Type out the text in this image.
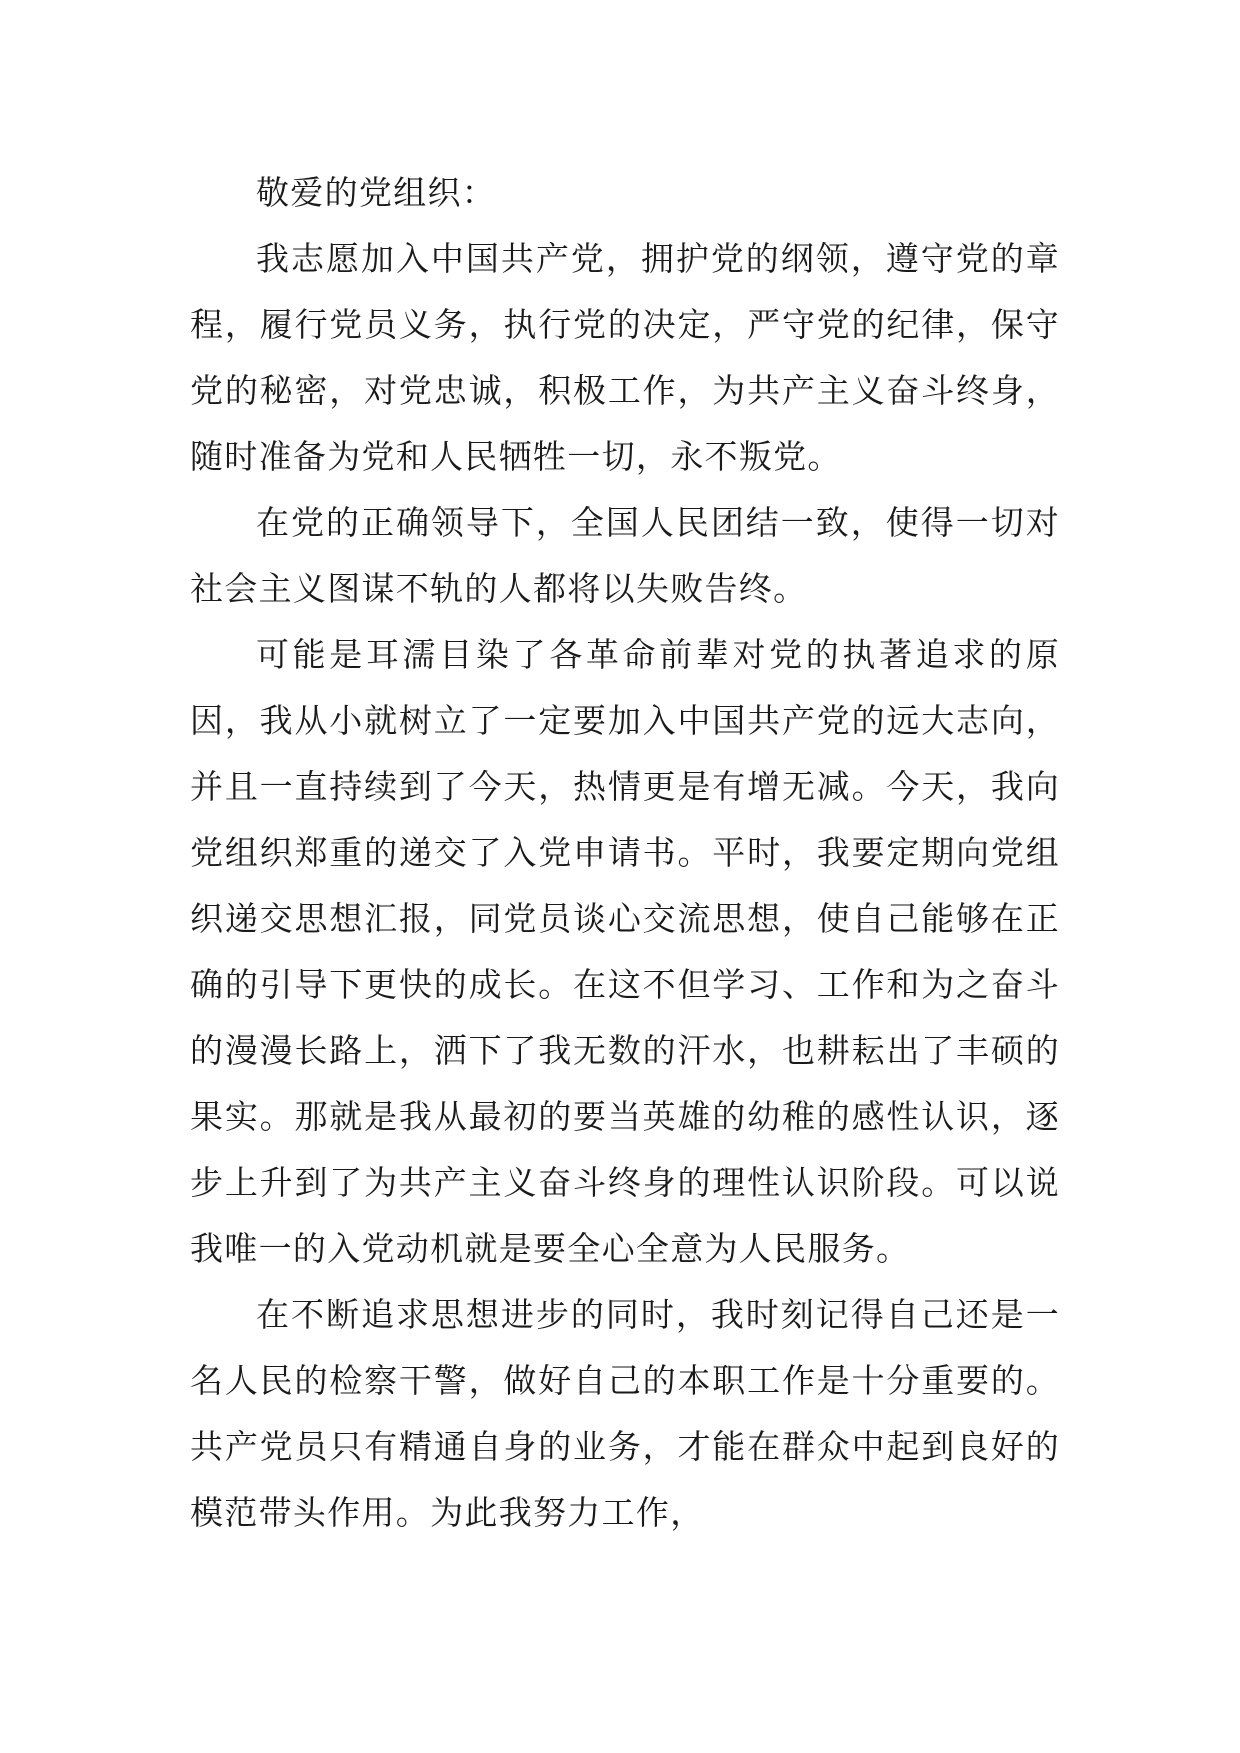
敬爱的党组织：

我志愿加入中国共产党，拥护党的纲领，遵守党的章程，履行党员义务，执行党的决定，严守党的纪律，保守党的秘密，对党忠诚，积极工作，为共产主义奋斗终身，随时准备为党和人民牺牲一切，永不叛党。

在党的正确领导下，全国人民团结一致，使得一切对社会主义图谋不轨的人都将以失败告终。

可能是耳濡目染了各革命前辈对党的执著追求的原因，我从小就树立了一定要加入中国共产党的远大志向，并且一直持续到了今天，热情更是有增无减。今天，我向党组织郑重的递交了入党申请书。平时，我要定期向党组织递交思想汇报，同党员谈心交流思想，使自己能够在正确的引导下更快的成长。在这不但学习、工作和为之奋斗的漫漫长路上，洒下了我无数的汗水，也耕耘出了丰硕的果实。那就是我从最初的要当英雄的幼稚的感性认识，逐步上升到了为共产主义奋斗终身的理性认识阶段。可以说我唯一的入党动机就是要全心全意为人民服务。

在不断追求思想进步的同时，我时刻记得自己还是一名人民的检察干警，做好自己的本职工作是十分重要的。共产党员只有精通自身的业务，才能在群众中起到良好的模范带头作用。为此我努力工作，
